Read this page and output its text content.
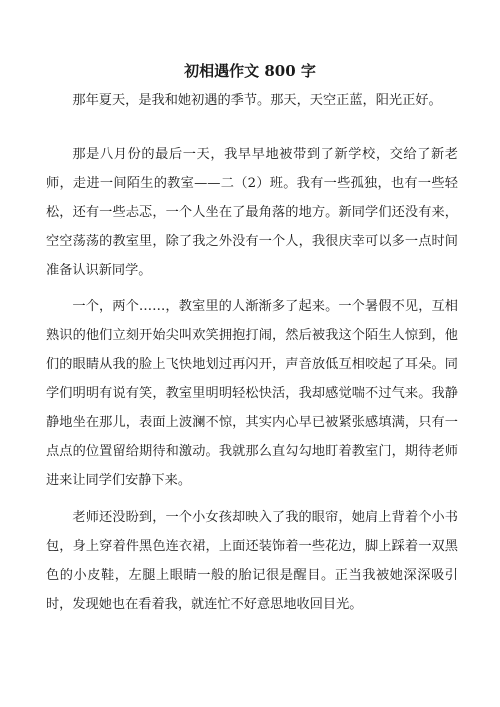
初相遇作文 800 字

那年夏天，是我和她初遇的季节。那天，天空正蓝，阳光正好。

那是八月份的最后一天，我早早地被带到了新学校，交给了新老师，走进一间陌生的教室——二（2）班。我有一些孤独，也有一些轻松，还有一些忐忑，一个人坐在了最角落的地方。新同学们还没有来，空空荡荡的教室里，除了我之外没有一个人，我很庆幸可以多一点时间准备认识新同学。

一个，两个……，教室里的人渐渐多了起来。一个暑假不见，互相熟识的他们立刻开始尖叫欢笑拥抱打闹，然后被我这个陌生人惊到，他们的眼睛从我的脸上飞快地划过再闪开，声音放低互相咬起了耳朵。同学们明明有说有笑，教室里明明轻松快活，我却感觉喘不过气来。我静静地坐在那儿，表面上波澜不惊，其实内心早已被紧张感填满，只有一点点的位置留给期待和激动。我就那么直勾勾地盯着教室门，期待老师进来让同学们安静下来。

老师还没盼到，一个小女孩却映入了我的眼帘，她肩上背着个小书包，身上穿着件黑色连衣裙，上面还装饰着一些花边，脚上踩着一双黑色的小皮鞋，左腿上眼睛一般的胎记很是醒目。正当我被她深深吸引时，发现她也在看着我，就连忙不好意思地收回目光。
